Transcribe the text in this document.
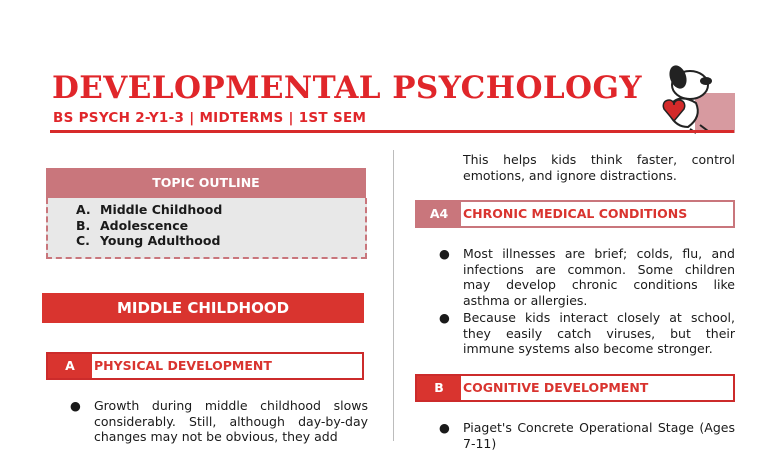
DEVELOPMENTAL PSYCHOLOGY
BS PSYCH 2-Y1-3 | MIDTERMS | 1ST SEM
TOPIC OUTLINE
A. Middle Childhood
B. Adolescence
C. Young Adulthood
MIDDLE CHILDHOOD
A	PHYSICAL DEVELOPMENT
● Growth during middle childhood slows considerably. Still, although day-by-day changes may not be obvious, they add
This helps kids think faster, control emotions, and ignore distractions.
A4	CHRONIC MEDICAL CONDITIONS
● Most illnesses are brief; colds, flu, and infections are common. Some children may develop chronic conditions like asthma or allergies.
● Because kids interact closely at school, they easily catch viruses, but their immune systems also become stronger.
B	COGNITIVE DEVELOPMENT
● Piaget's Concrete Operational Stage (Ages 7-11)
